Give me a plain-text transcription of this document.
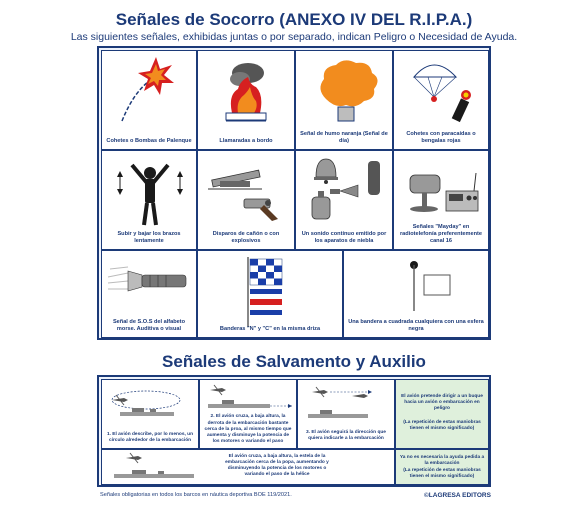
Señales de Socorro (ANEXO IV DEL R.I.P.A.)
Las siguientes señales, exhibidas juntas o por separado, indican Peligro o Necesidad de Ayuda.
Cohetes o Bombas de Palenque	Llamaradas a bordo
Señal de humo naranja (Señal de día)
Cohetes con paracaídas o bengalas rojas
Subir y bajar los brazos lentamente
Disparos de cañón o con explosivos
Un sonido contínuo emitido por los aparatos de niebla
Señales "Mayday" en radiotelefonía preferentemente canal 16
Señal de S.O.S del alfabeto morse. Auditiva o visual	Banderas "N" y "C" en la misma driza
Una bandera a cuadrada cualquiera con una esfera negra
Señales de Salvamento y Auxilio
1. El avión describe, por lo menos, un círculo alrededor de la embarcación
2. El avión cruza, a baja altura, la derrota de la embarcación bastante cerca de la proa, al mismo tiempo que aumenta y disminuye la potencia de los motores o variando el paso
3. El avión seguirá la dirección que quiera indicarle a la embarcación
El avión pretende dirigir a un buque hacia un avión o embarcación en peligro
(La repetición de estas maniobras tienen el mismo significado)
El avión cruza, a baja altura, la estela de la embarcación cerca de la popa, aumentando y disminuyendo la potencia de los motores o variando el paso de la hélice
Ya no es necesaria la ayuda pedida a la embarcación
(La repetición de estas maniobras tienen el mismo significado)
Señales obligatorias en todos los barcos en náutica deportiva BOE 119/2021.	©LAGRESA EDITORS
